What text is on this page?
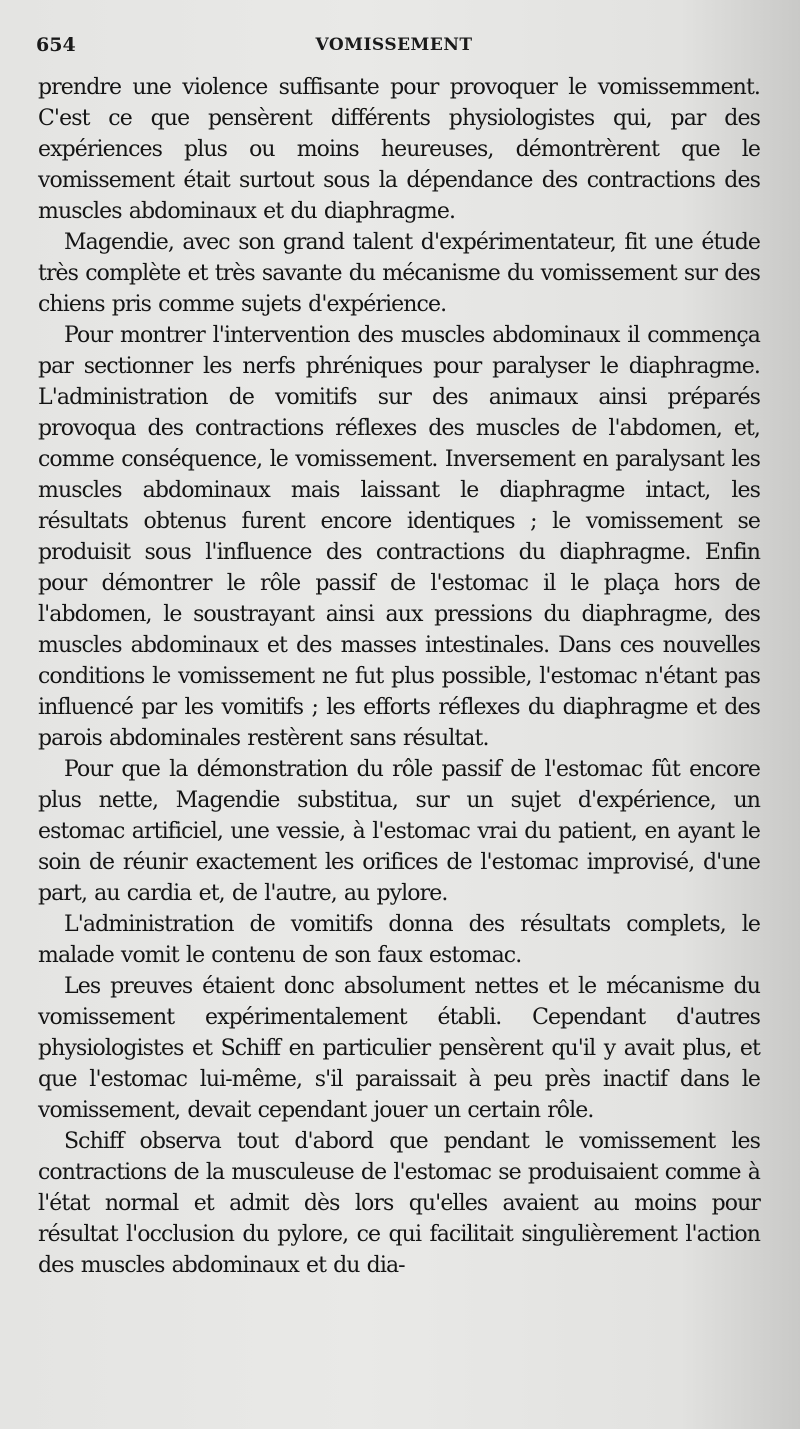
654	VOMISSEMENT

prendre une violence suffisante pour provoquer le vomissemment. C'est ce que pensèrent différents physiologistes qui, par des expériences plus ou moins heureuses, démontrèrent que le vomissement était surtout sous la dépendance des contractions des muscles abdominaux et du diaphragme.

Magendie, avec son grand talent d'expérimentateur, fit une étude très complète et très savante du mécanisme du vomissement sur des chiens pris comme sujets d'expérience.

Pour montrer l'intervention des muscles abdominaux il commença par sectionner les nerfs phréniques pour paralyser le diaphragme. L'administration de vomitifs sur des animaux ainsi préparés provoqua des contractions réflexes des muscles de l'abdomen, et, comme conséquence, le vomissement. Inversement en paralysant les muscles abdominaux mais laissant le diaphragme intact, les résultats obtenus furent encore identiques ; le vomissement se produisit sous l'influence des contractions du diaphragme. Enfin pour démontrer le rôle passif de l'estomac il le plaça hors de l'abdomen, le soustrayant ainsi aux pressions du diaphragme, des muscles abdominaux et des masses intestinales. Dans ces nouvelles conditions le vomissement ne fut plus possible, l'estomac n'étant pas influencé par les vomitifs ; les efforts réflexes du diaphragme et des parois abdominales restèrent sans résultat.

Pour que la démonstration du rôle passif de l'estomac fût encore plus nette, Magendie substitua, sur un sujet d'expérience, un estomac artificiel, une vessie, à l'estomac vrai du patient, en ayant le soin de réunir exactement les orifices de l'estomac improvisé, d'une part, au cardia et, de l'autre, au pylore.

L'administration de vomitifs donna des résultats complets, le malade vomit le contenu de son faux estomac.

Les preuves étaient donc absolument nettes et le mécanisme du vomissement expérimentalement établi. Cependant d'autres physiologistes et Schiff en particulier pensèrent qu'il y avait plus, et que l'estomac lui-même, s'il paraissait à peu près inactif dans le vomissement, devait cependant jouer un certain rôle.

Schiff observa tout d'abord que pendant le vomissement les contractions de la musculeuse de l'estomac se produisaient comme à l'état normal et admit dès lors qu'elles avaient au moins pour résultat l'occlusion du pylore, ce qui facilitait singulièrement l'action des muscles abdominaux et du dia-
